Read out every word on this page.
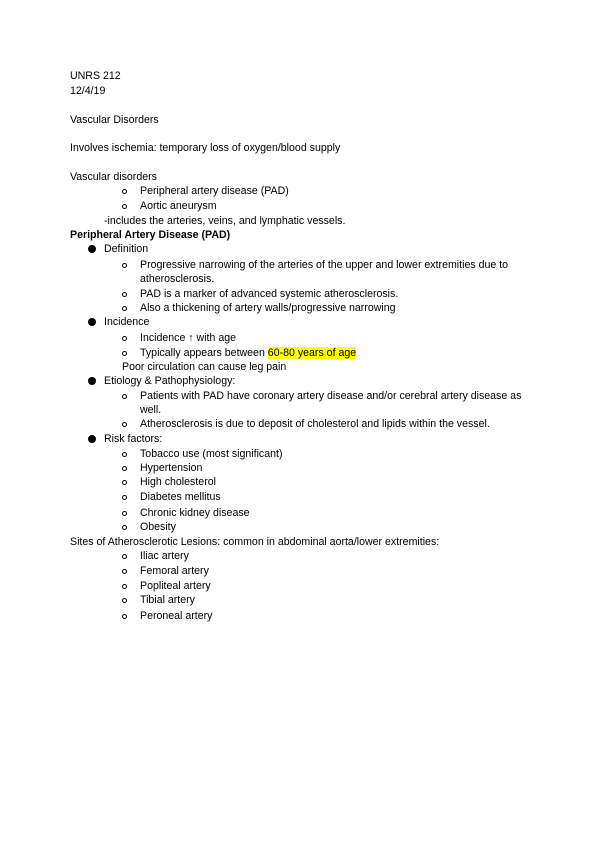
UNRS 212
12/4/19
Vascular Disorders
Involves ischemia: temporary loss of oxygen/blood supply
Vascular disorders
Peripheral artery disease (PAD)
Aortic aneurysm
-includes the arteries, veins, and lymphatic vessels.
Peripheral Artery Disease (PAD)
Definition
Progressive narrowing of the arteries of the upper and lower extremities due to
atherosclerosis.
PAD is a marker of advanced systemic atherosclerosis.
Also a thickening of artery walls/progressive narrowing
Incidence
Incidence ↑ with age
Typically appears between 60-80 years of age
Poor circulation can cause leg pain
Etiology & Pathophysiology:
Patients with PAD have coronary artery disease and/or cerebral artery disease as
well.
Atherosclerosis is due to deposit of cholesterol and lipids within the vessel.
Risk factors:
Tobacco use (most significant)
Hypertension
High cholesterol
Diabetes mellitus
Chronic kidney disease
Obesity
Sites of Atherosclerotic Lesions: common in abdominal aorta/lower extremities:
Iliac artery
Femoral artery
Popliteal artery
Tibial artery
Peroneal artery
